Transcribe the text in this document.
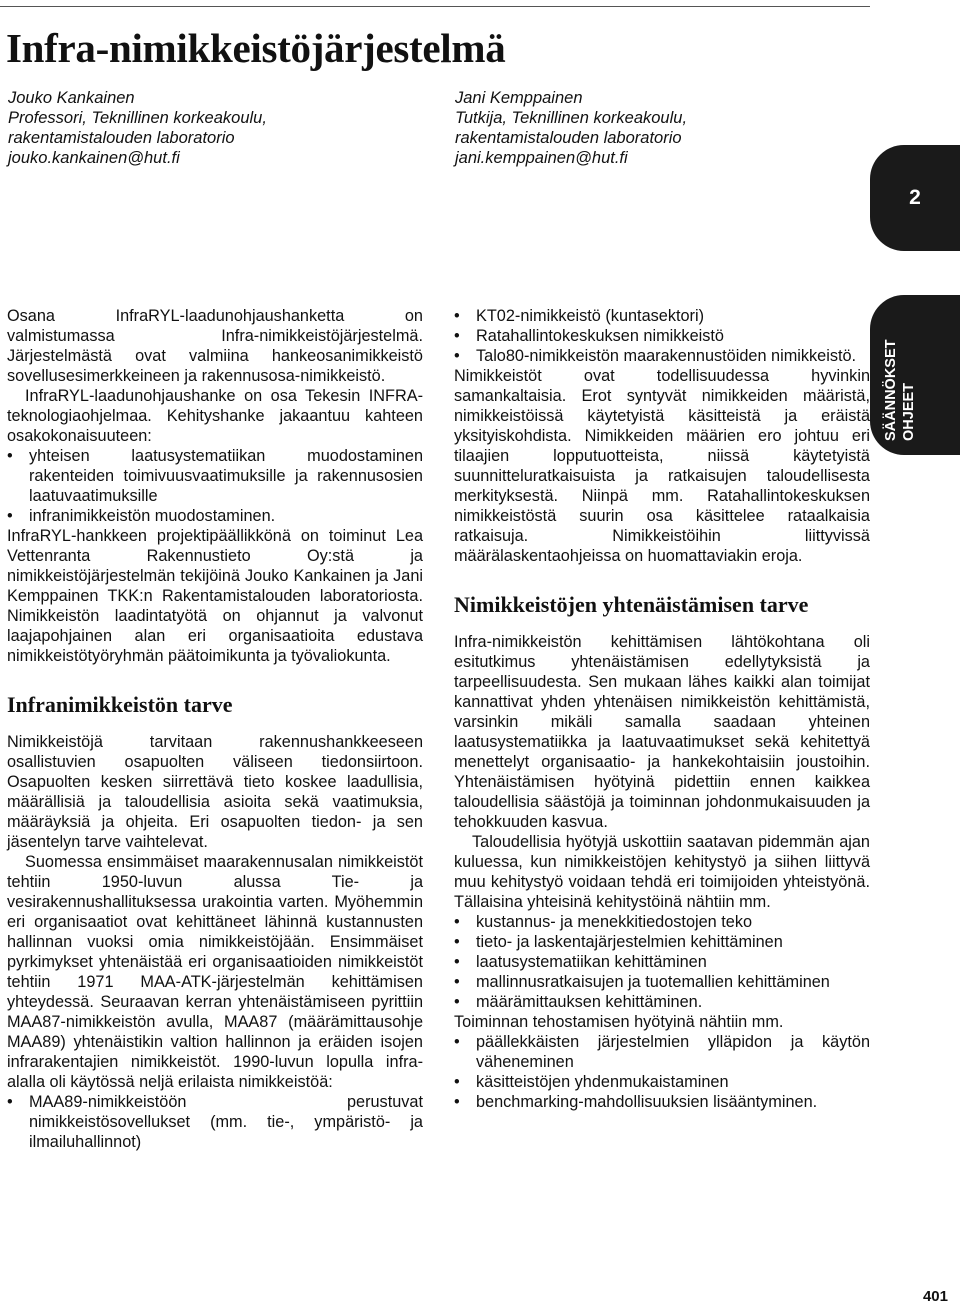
Infra-nimikkeistöjärjestelmä
Jouko Kankainen
Professori, Teknillinen korkeakoulu,
rakentamistalouden laboratorio
jouko.kankainen@hut.fi
Jani Kemppainen
Tutkija, Teknillinen korkeakoulu,
rakentamistalouden laboratorio
jani.kemppainen@hut.fi
2
SÄÄNNÖKSET OHJEET

Osana InfraRYL-laadunohjaushanketta on valmistumassa Infra-nimikkeistöjärjestelmä. Järjestelmästä ovat valmiina hankeosanimikkeistö sovellusesimerkkeineen ja rakennusosa-nimikkeistö.

InfraRYL-laadunohjaushanke on osa Tekesin INFRA-teknologiaohjelmaa. Kehityshanke jakaantuu kahteen osakokonaisuuteen:

• yhteisen laatusystematiikan muodostaminen rakenteiden toimivuusvaatimuksille ja rakennusosien laatuvaatimuksille
• infranimikkeistön muodostaminen.

InfraRYL-hankkeen projektipäällikkönä on toiminut Lea Vettenranta Rakennustieto Oy:stä ja nimikkeistöjärjestelmän tekijöinä Jouko Kankainen ja Jani Kemppainen TKK:n Rakentamistalouden laboratoriosta. Nimikkeistön laadintatyötä on ohjannut ja valvonut laajapohjainen alan eri organisaatioita edustava nimikkeistötyöryhmän päätoimikunta ja työvaliokunta.

Infranimikkeistön tarve

Nimikkeistöjä tarvitaan rakennushankkeeseen osallistuvien osapuolten väliseen tiedonsiirtoon. Osapuolten kesken siirrettävä tieto koskee laadullisia, määrällisiä ja taloudellisia asioita sekä vaatimuksia, määräyksiä ja ohjeita. Eri osapuolten tiedon- ja sen jäsentelyn tarve vaihtelevat.

Suomessa ensimmäiset maarakennusalan nimikkeistöt tehtiin 1950-luvun alussa Tie- ja vesirakennushallituksessa urakointia varten. Myöhemmin eri organisaatiot ovat kehittäneet lähinnä kustannusten hallinnan vuoksi omia nimikkeistöjään. Ensimmäiset pyrkimykset yhtenäistää eri organisaatioiden nimikkeistöt tehtiin 1971 MAA-ATK-järjestelmän kehittämisen yhteydessä. Seuraavan kerran yhtenäistämiseen pyrittiin MAA87-nimikkeistön avulla, MAA87 (määrämittausohje MAA89) yhtenäistikin valtion hallinnon ja eräiden isojen infrarakentajien nimikkeistöt. 1990-luvun lopulla infra-alalla oli käytössä neljä erilaista nimikkeistöä:

• MAA89-nimikkeistöön perustuvat nimikkeistösovellukset (mm. tie-, ympäristö- ja ilmailuhallinnot)
• KT02-nimikkeistö (kuntasektori)
• Ratahallintokeskuksen nimikkeistö
• Talo80-nimikkeistön maarakennustöiden nimikkeistö.

Nimikkeistöt ovat todellisuudessa hyvinkin samankaltaisia. Erot syntyvät nimikkeiden määristä, nimikkeistöissä käytetyistä käsitteistä ja eräistä yksityiskohdista. Nimikkeiden määrien ero johtuu eri tilaajien lopputuotteista, niissä käytetyistä suunnitteluratkaisuista ja ratkaisujen taloudellisesta merkityksestä. Niinpä mm. Ratahallintokeskuksen nimikkeistöstä suurin osa käsittelee rataalkaisia ratkaisuja. Nimikkeistöihin liittyvissä määrälaskentaohjeissa on huomattaviakin eroja.

Nimikkeistöjen yhtenäistämisen tarve

Infra-nimikkeistön kehittämisen lähtökohtana oli esitutkimus yhtenäistämisen edellytyksistä ja tarpeellisuudesta. Sen mukaan lähes kaikki alan toimijat kannattivat yhden yhtenäisen nimikkeistön kehittämistä, varsinkin mikäli samalla saadaan yhteinen laatusystematiikka ja laatuvaatimukset sekä kehitettyä menettelyt organisaatio- ja hankekohtaisiin joustoihin. Yhtenäistämisen hyötyinä pidettiin ennen kaikkea taloudellisia säästöjä ja toiminnan johdonmukaisuuden ja tehokkuuden kasvua.

Taloudellisia hyötyjä uskottiin saatavan pidemmän ajan kuluessa, kun nimikkeistöjen kehitystyö ja siihen liittyvä muu kehitystyö voidaan tehdä eri toimijoiden yhteistyönä. Tällaisina yhteisinä kehitystöinä nähtiin mm.

• kustannus- ja menekkitiedostojen teko
• tieto- ja laskentajärjestelmien kehittäminen
• laatusystematiikan kehittäminen
• mallinnusratkaisujen ja tuotemallien kehittäminen
• määrämittauksen kehittäminen.

Toiminnan tehostamisen hyötyinä nähtiin mm.

• päällekkäisten järjestelmien ylläpidon ja käytön väheneminen
• käsitteistöjen yhdenmukaistaminen
• benchmarking-mahdollisuuksien lisääntyminen.
401
